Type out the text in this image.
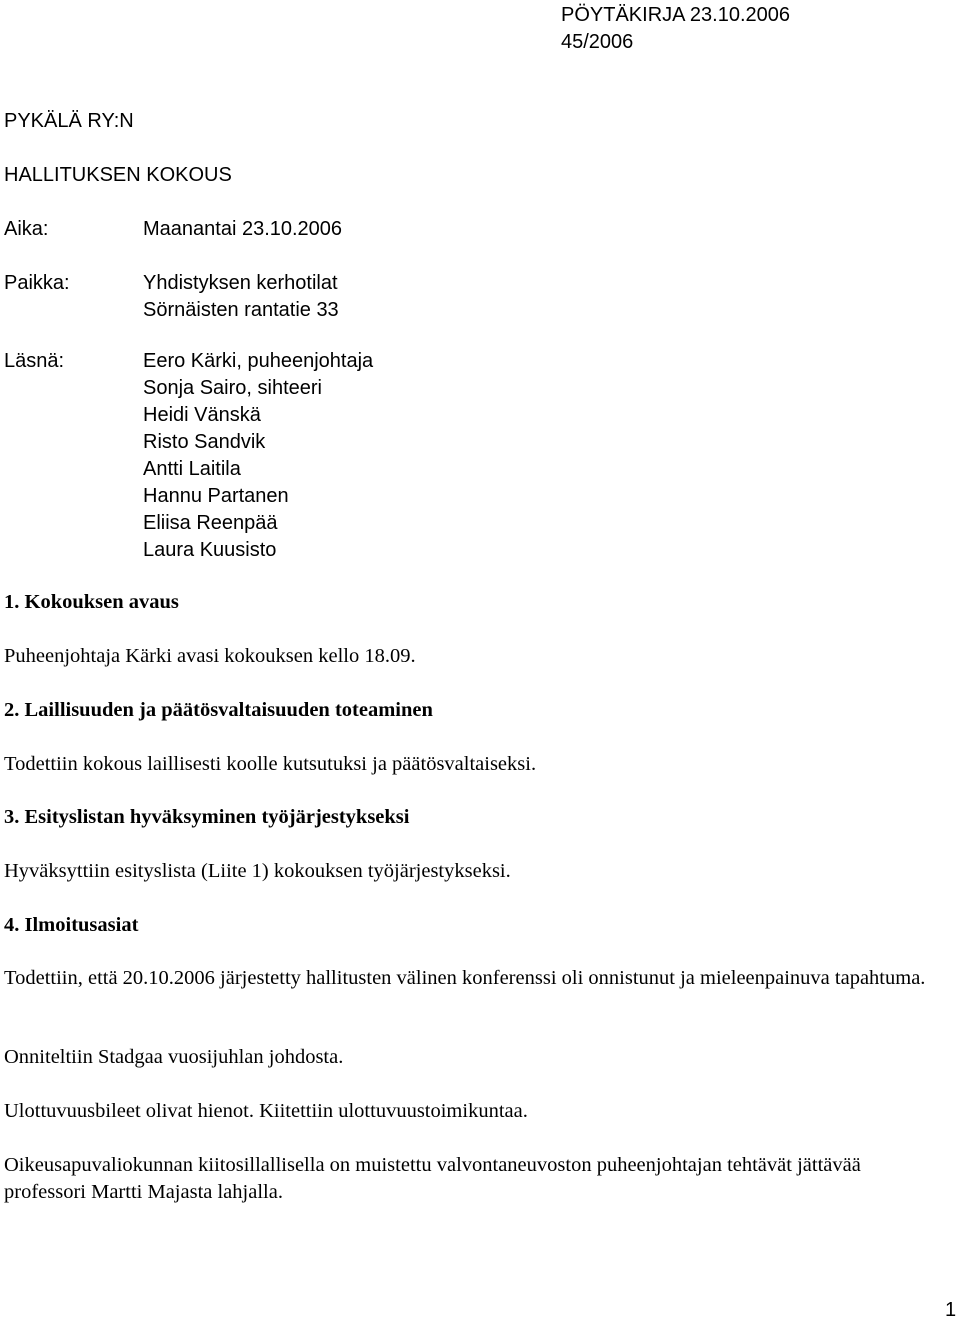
PÖYTÄKIRJA 23.10.2006
45/2006
PYKÄLÄ RY:N
HALLITUKSEN KOKOUS
Aika:	Maanantai 23.10.2006
Paikka:	Yhdistyksen kerhotilat
Sörnäisten rantatie 33
Läsnä:	Eero Kärki, puheenjohtaja
Sonja Sairo, sihteeri
Heidi Vänskä
Risto Sandvik
Antti Laitila
Hannu Partanen
Eliisa Reenpää
Laura Kuusisto
1. Kokouksen avaus
Puheenjohtaja Kärki avasi kokouksen kello 18.09.
2. Laillisuuden ja päätösvaltaisuuden toteaminen
Todettiin kokous laillisesti koolle kutsutuksi ja päätösvaltaiseksi.
3. Esityslistan hyväksyminen työjärjestykseksi
Hyväksyttiin esityslista (Liite 1) kokouksen työjärjestykseksi.
4. Ilmoitusasiat
Todettiin, että 20.10.2006 järjestetty hallitusten välinen konferenssi oli onnistunut ja mieleenpainuva tapahtuma.
Onniteltiin Stadgaa vuosijuhlan johdosta.
Ulottuvuusbileet olivat hienot. Kiitettiin ulottuvuustoimikuntaa.
Oikeusapuvaliokunnan kiitosillallisella on muistettu valvontaneuvoston puheenjohtajan tehtävät jättävää professori Martti Majasta lahjalla.
1
